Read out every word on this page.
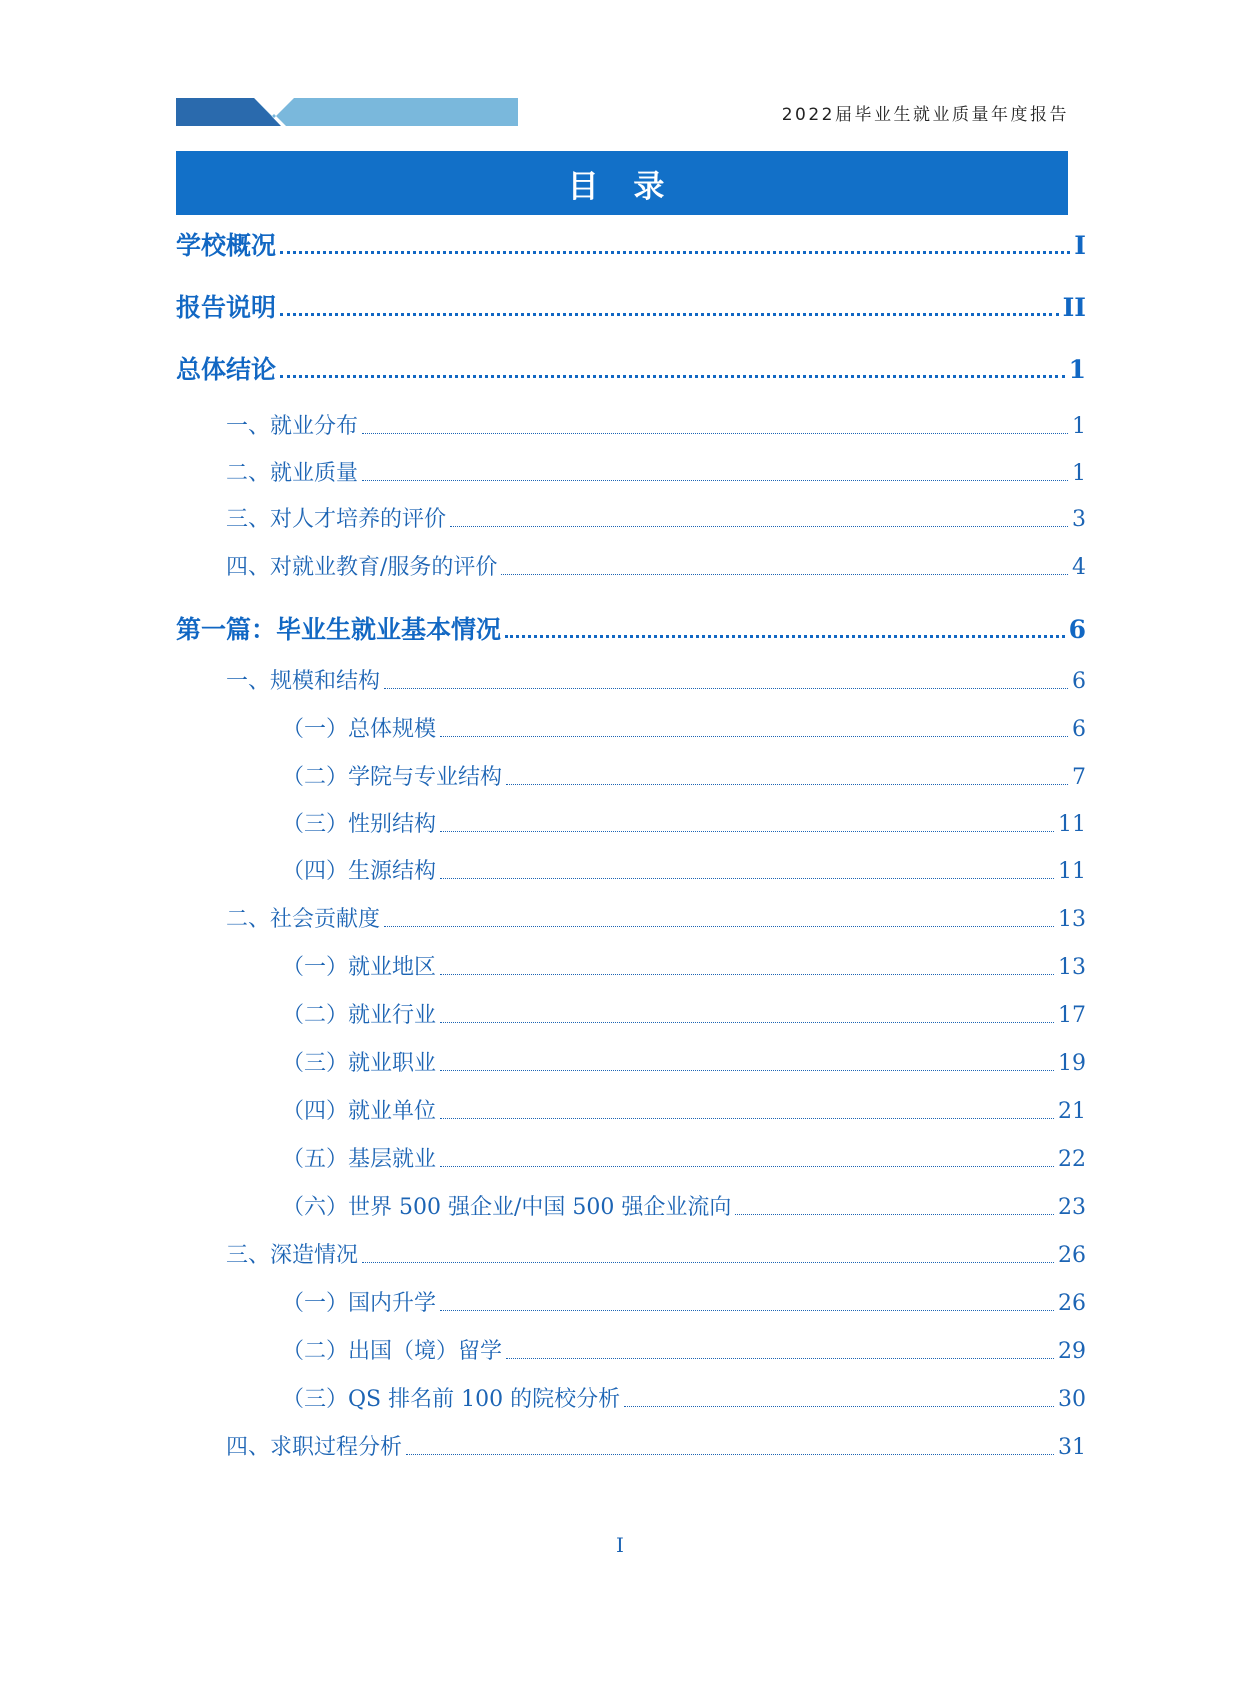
2022届毕业生就业质量年度报告
目 录
学校概况	I
报告说明	II
总体结论	1
一、就业分布	1
二、就业质量	1
三、对人才培养的评价	3
四、对就业教育/服务的评价	4
第一篇：毕业生就业基本情况	6
一、规模和结构	6
（一）总体规模	6
（二）学院与专业结构	7
（三）性别结构	11
（四）生源结构	11
二、社会贡献度	13
（一）就业地区	13
（二）就业行业	17
（三）就业职业	19
（四）就业单位	21
（五）基层就业	22
（六）世界 500 强企业/中国 500 强企业流向	23
三、深造情况	26
（一）国内升学	26
（二）出国（境）留学	29
（三）QS 排名前 100 的院校分析	30
四、求职过程分析	31
I
